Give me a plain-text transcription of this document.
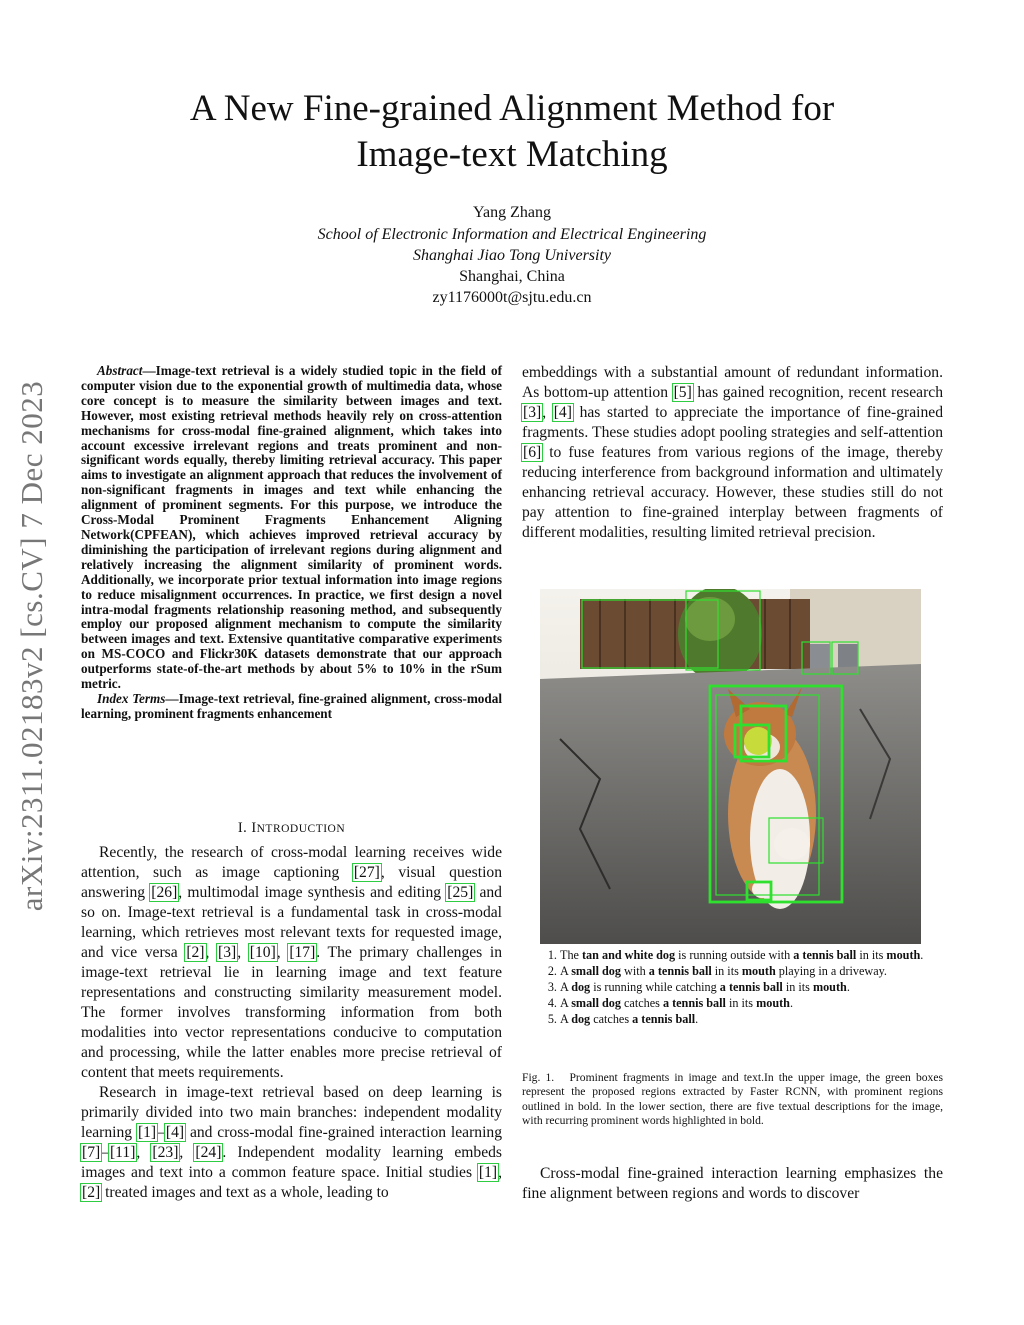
arXiv:2311.02183v2 [cs.CV] 7 Dec 2023
A New Fine-grained Alignment Method for
Image-text Matching
Yang Zhang
School of Electronic Information and Electrical Engineering
Shanghai Jiao Tong University
Shanghai, China
zy1176000t@sjtu.edu.cn

Abstract—Image-text retrieval is a widely studied topic in the field of computer vision due to the exponential growth of multimedia data, whose core concept is to measure the similarity between images and text. However, most existing retrieval methods heavily rely on cross-attention mechanisms for cross-modal fine-grained alignment, which takes into account excessive irrelevant regions and treats prominent and non-significant words equally, thereby limiting retrieval accuracy. This paper aims to investigate an alignment approach that reduces the involvement of non-significant fragments in images and text while enhancing the alignment of prominent segments. For this purpose, we introduce the Cross-Modal Prominent Fragments Enhancement Aligning Network(CPFEAN), which achieves improved retrieval accuracy by diminishing the participation of irrelevant regions during alignment and relatively increasing the alignment similarity of prominent words. Additionally, we incorporate prior textual information into image regions to reduce misalignment occurrences. In practice, we first design a novel intra-modal fragments relationship reasoning method, and subsequently employ our proposed alignment mechanism to compute the similarity between images and text. Extensive quantitative comparative experiments on MS-COCO and Flickr30K datasets demonstrate that our approach outperforms state-of-the-art methods by about 5% to 10% in the rSum metric.

Index Terms—Image-text retrieval, fine-grained alignment, cross-modal learning, prominent fragments enhancement

I. INTRODUCTION

Recently, the research of cross-modal learning receives wide attention, such as image captioning [27], visual question answering [26], multimodal image synthesis and editing [25] and so on. Image-text retrieval is a fundamental task in cross-modal learning, which retrieves most relevant texts for requested image, and vice versa [2], [3], [10], [17]. The primary challenges in image-text retrieval lie in learning image and text feature representations and constructing similarity measurement model. The former involves transforming information from both modalities into vector representations conducive to computation and processing, while the latter enables more precise retrieval of content that meets requirements.

Research in image-text retrieval based on deep learning is primarily divided into two main branches: independent modality learning [1]–[4] and cross-modal fine-grained interaction learning [7]–[11], [23], [24]. Independent modality learning embeds images and text into a common feature space. Initial studies [1], [2] treated images and text as a whole, leading to

embeddings with a substantial amount of redundant information. As bottom-up attention [5] has gained recognition, recent research [3], [4] has started to appreciate the importance of fine-grained fragments. These studies adopt pooling strategies and self-attention [6] to fuse features from various regions of the image, thereby reducing interference from background information and ultimately enhancing retrieval accuracy. However, these studies still do not pay attention to fine-grained interplay between fragments of different modalities, resulting limited retrieval precision.

1. The tan and white dog is running outside with a tennis ball in its mouth.
2. A small dog with a tennis ball in its mouth playing in a driveway.
3. A dog is running while catching a tennis ball in its mouth.
4. A small dog catches a tennis ball in its mouth.
5. A dog catches a tennis ball.
Fig. 1. Prominent fragments in image and text.In the upper image, the green boxes represent the proposed regions extracted by Faster RCNN, with prominent regions outlined in bold. In the lower section, there are five textual descriptions for the image, with recurring prominent words highlighted in bold.

Cross-modal fine-grained interaction learning emphasizes the fine alignment between regions and words to discover
